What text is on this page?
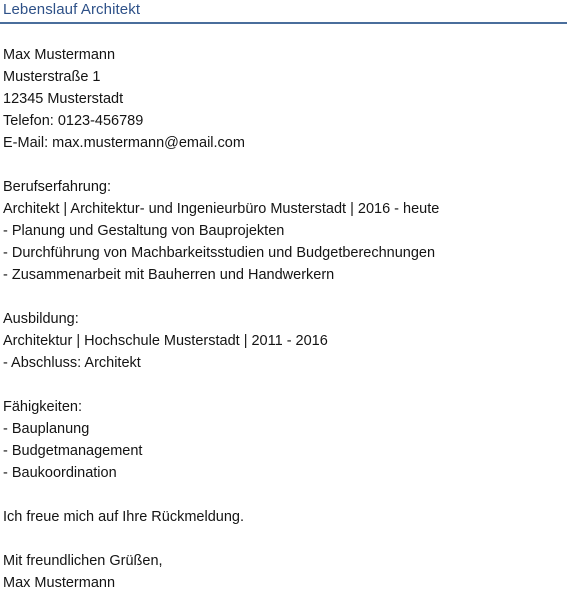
Lebenslauf Architekt
Max Mustermann
Musterstraße 1
12345 Musterstadt
Telefon: 0123-456789
E-Mail: max.mustermann@email.com
Berufserfahrung:
Architekt | Architektur- und Ingenieurbüro Musterstadt | 2016 - heute
- Planung und Gestaltung von Bauprojekten
- Durchführung von Machbarkeitsstudien und Budgetberechnungen
- Zusammenarbeit mit Bauherren und Handwerkern
Ausbildung:
Architektur | Hochschule Musterstadt | 2011 - 2016
- Abschluss: Architekt
Fähigkeiten:
- Bauplanung
- Budgetmanagement
- Baukoordination
Ich freue mich auf Ihre Rückmeldung.
Mit freundlichen Grüßen,
Max Mustermann
